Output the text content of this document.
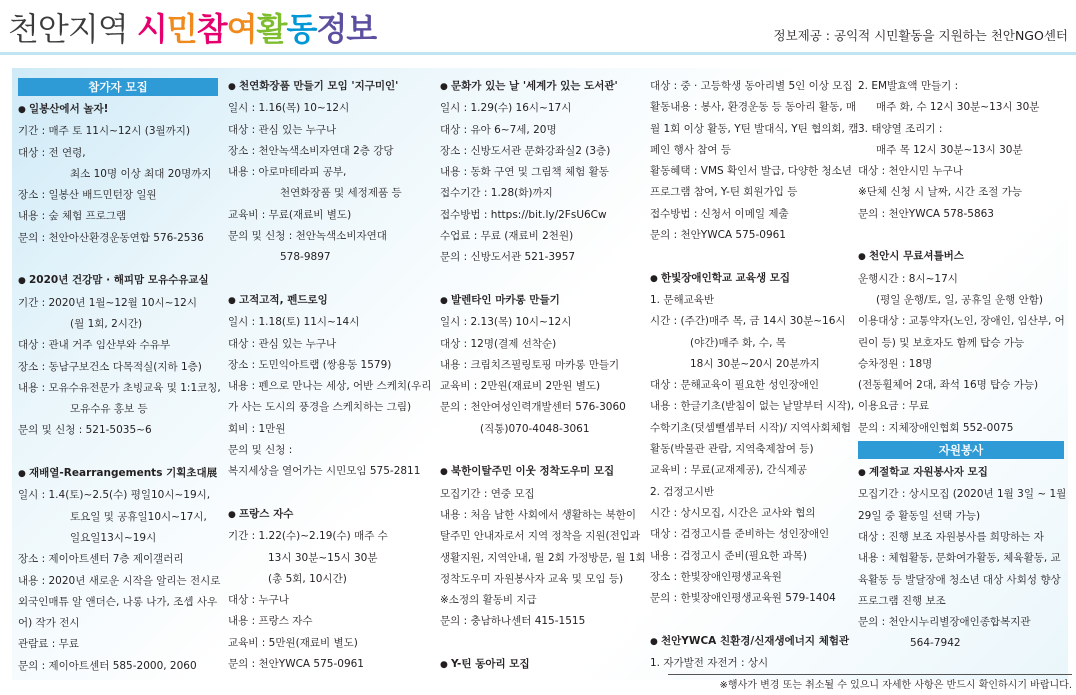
천안지역 시민참여활동정보	정보제공 : 공익적 시민활동을 지원하는 천안NGO센터
참가자 모집

● 일봉산에서 놀자!

기간 : 매주 토 11시~12시 (3월까지)

대상 : 전 연령,

최소 10명 이상 최대 20명까지

장소 : 일봉산 배드민턴장 일원

내용 : 숲 체험 프로그램

문의 : 천안아산환경운동연합 576-2536

● 2020년 건강맘 · 해피맘 모유수유교실

기간 : 2020년 1월~12월 10시~12시

(월 1회, 2시간)

대상 : 관내 거주 임산부와 수유부

장소 : 동남구보건소 다목적실(지하 1층)

내용 : 모유수유전문가 초빙교육 및 1:1코칭,

모유수유 홍보 등

문의 및 신청 : 521-5035~6

● 재배열-Rearrangements 기획초대展

일시 : 1.4(토)~2.5(수) 평일10시~19시,

토요일 및 공휴일10시~17시,

일요일13시~19시

장소 : 제이아트센터 7층 제이갤러리

내용 : 2020년 새로운 시작을 알리는 전시로

외국인매튜 알 앤더슨, 나롱 나가, 조셉 사우

어) 작가 전시

관람료 : 무료

문의 : 제이아트센터 585-2000, 2060

● 천연화장품 만들기 모임 '지구미인'

일시 : 1.16(목) 10~12시

대상 : 관심 있는 누구나

장소 : 천안녹색소비자연대 2층 강당

내용 : 아로마테라피 공부,

천연화장품 및 세정제품 등

교육비 : 무료(재료비 별도)

문의 및 신청 : 천안녹색소비자연대

578-9897

● 고적고적, 펜드로잉

일시 : 1.18(토) 11시~14시

대상 : 관심 있는 누구나

장소 : 도민익아트랩 (쌍용동 1579)

내용 : 펜으로 만나는 세상, 어반 스케치(우리

가 사는 도시의 풍경을 스케치하는 그림)

회비 : 1만원

문의 및 신청 :

복지세상을 열어가는 시민모임 575-2811

● 프랑스 자수

기간 : 1.22(수)~2.19(수) 매주 수

13시 30분~15시 30분

(총 5회, 10시간)

대상 : 누구나

내용 : 프랑스 자수

교육비 : 5만원(재료비 별도)

문의 : 천안YWCA 575-0961

● 문화가 있는 날 '세계가 있는 도서관'

일시 : 1.29(수) 16시~17시

대상 : 유아 6~7세, 20명

장소 : 신방도서관 문화강좌실2 (3층)

내용 : 동화 구연 및 그림책 체험 활동

접수기간 : 1.28(화)까지

접수방법 : https://bit.ly/2FsU6Cw

수업료 : 무료 (재료비 2천원)

문의 : 신방도서관 521-3957

● 발렌타인 마카롱 만들기

일시 : 2.13(목) 10시~12시

대상 : 12명(결제 선착순)

내용 : 크림치즈필링토핑 마카롱 만들기

교육비 : 2만원(재료비 2만원 별도)

문의 : 천안여성인력개발센터 576-3060

(직통)070-4048-3061

● 북한이탈주민 이웃 정착도우미 모집

모집기간 : 연중 모집

내용 : 처음 남한 사회에서 생활하는 북한이

탈주민 안내자로서 지역 정착을 지원(전입과

생활지원, 지역안내, 월 2회 가정방문, 월 1회

정착도우미 자원봉사자 교육 및 모임 등)

※소정의 활동비 지급

문의 : 충남하나센터 415-1515

● Y-틴 동아리 모집

대상 : 중 · 고등학생 동아리별 5인 이상 모집

활동내용 : 봉사, 환경운동 등 동아리 활동, 매

월 1회 이상 활동, Y틴 발대식, Y틴 협의회, 캠

페인 행사 참여 등

활동혜택 : VMS 확인서 발급, 다양한 청소년

프로그램 참여, Y-틴 회원가입 등

접수방법 : 신청서 이메일 제출

문의 : 천안YWCA 575-0961

● 한빛장애인학교 교육생 모집

1. 문해교육반

시간 : (주간)매주 목, 금 14시 30분~16시

(야간)매주 화, 수, 목

18시 30분~20시 20분까지

대상 : 문해교육이 필요한 성인장애인

내용 : 한글기초(받침이 없는 낱말부터 시작),

수학기초(덧셈뺄셈부터 시작)/ 지역사회체험

활동(박물관 관람, 지역축제참여 등)

교육비 : 무료(교재제공), 간식제공

2. 검정고시반

시간 : 상시모집, 시간은 교사와 협의

대상 : 검정고시를 준비하는 성인장애인

내용 : 검정고시 준비(필요한 과목)

장소 : 한빛장애인평생교육원

문의 : 한빛장애인평생교육원 579-1404

● 천안YWCA 친환경/신재생에너지 체험관

1. 자가발전 자전거 : 상시

2. EM발효액 만들기 :

매주 화, 수 12시 30분~13시 30분

3. 태양열 조리기 :

매주 목 12시 30분~13시 30분

대상 : 천안시민 누구나

※단체 신청 시 날짜, 시간 조절 가능

문의 : 천안YWCA 578-5863

● 천안시 무료셔틀버스

운행시간 : 8시~17시

(평일 운행/토, 일, 공휴일 운행 안함)

이용대상 : 교통약자(노인, 장애인, 임산부, 어

린이 등) 및 보호자도 함께 탑승 가능

승차정원 : 18명

(전동휠체어 2대, 좌석 16명 탑승 가능)

이용요금 : 무료

문의 : 지체장애인협회 552-0075

자원봉사

● 계절학교 자원봉사자 모집

모집기간 : 상시모집 (2020년 1월 3일 ~ 1월

29일 중 활동일 선택 가능)

대상 : 진행 보조 자원봉사를 희망하는 자

내용 : 체험활동, 문화여가활동, 체육활동, 교

육활동 등 발달장애 청소년 대상 사회성 향상

프로그램 진행 보조

문의 : 천안시누리별장애인종합복지관

564-7942

※행사가 변경 또는 취소될 수 있으니 자세한 사항은 반드시 확인하시기 바랍니다.
